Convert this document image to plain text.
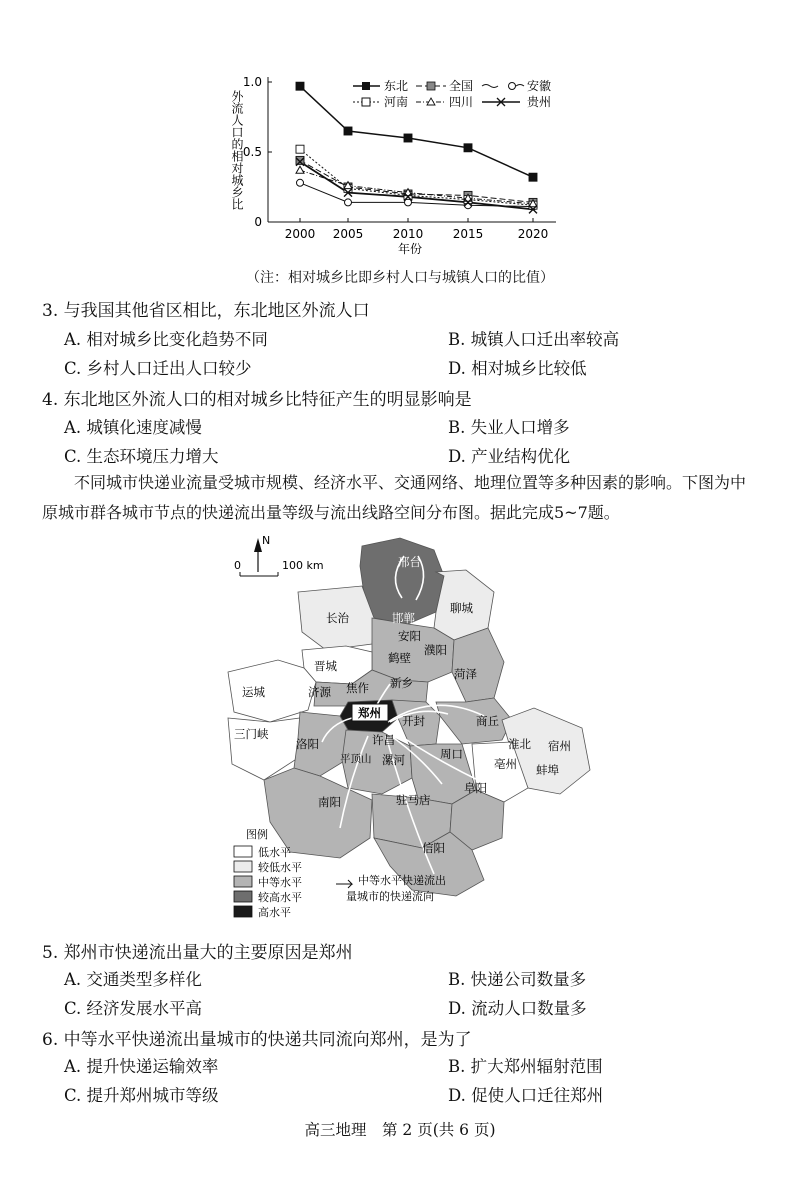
外流人口的相对城乡比
0
0.5
1.0
2000 2005 2010 2015	2020
年份
东北	全国	安徽
河南	四川	贵州
（注：相对城乡比即乡村人口与城镇人口的比值）
3. 与我国其他省区相比，东北地区外流人口
A. 相对城乡比变化趋势不同	B. 城镇人口迁出率较高
C. 乡村人口迁出人口较少	D. 相对城乡比较低
4. 东北地区外流人口的相对城乡比特征产生的明显影响是
A. 城镇化速度减慢	B. 失业人口增多
C. 生态环境压力增大	D. 产业结构优化
不同城市快递业流量受城市规模、经济水平、交通网络、地理位置等多种因素的影响。下图为中原城市群各城市节点的快递流出量等级与流出线路空间分布图。据此完成5~7题。
N
0	100 km	邢台
邯郸
聊城
长治
安阳
鹤壁
濮阳
菏泽
晋城
济源 焦作 新乡
运城
郑州
开封	商丘
淮北 宿州
三门峡
洛阳	许昌
平顶山 漯河	周口
亳州 蚌埠
南阳	驻马店
阜阳
信阳
图例
低水平
较低水平
中等水平
较高水平
高水平
中等水平快递流出
量城市的快递流向
5. 郑州市快递流出量大的主要原因是郑州
A. 交通类型多样化	B. 快递公司数量多
C. 经济发展水平高	D. 流动人口数量多
6. 中等水平快递流出量城市的快递共同流向郑州，是为了
A. 提升快递运输效率	B. 扩大郑州辐射范围
C. 提升郑州城市等级	D. 促使人口迁往郑州
高三地理　第 2 页(共 6 页)
